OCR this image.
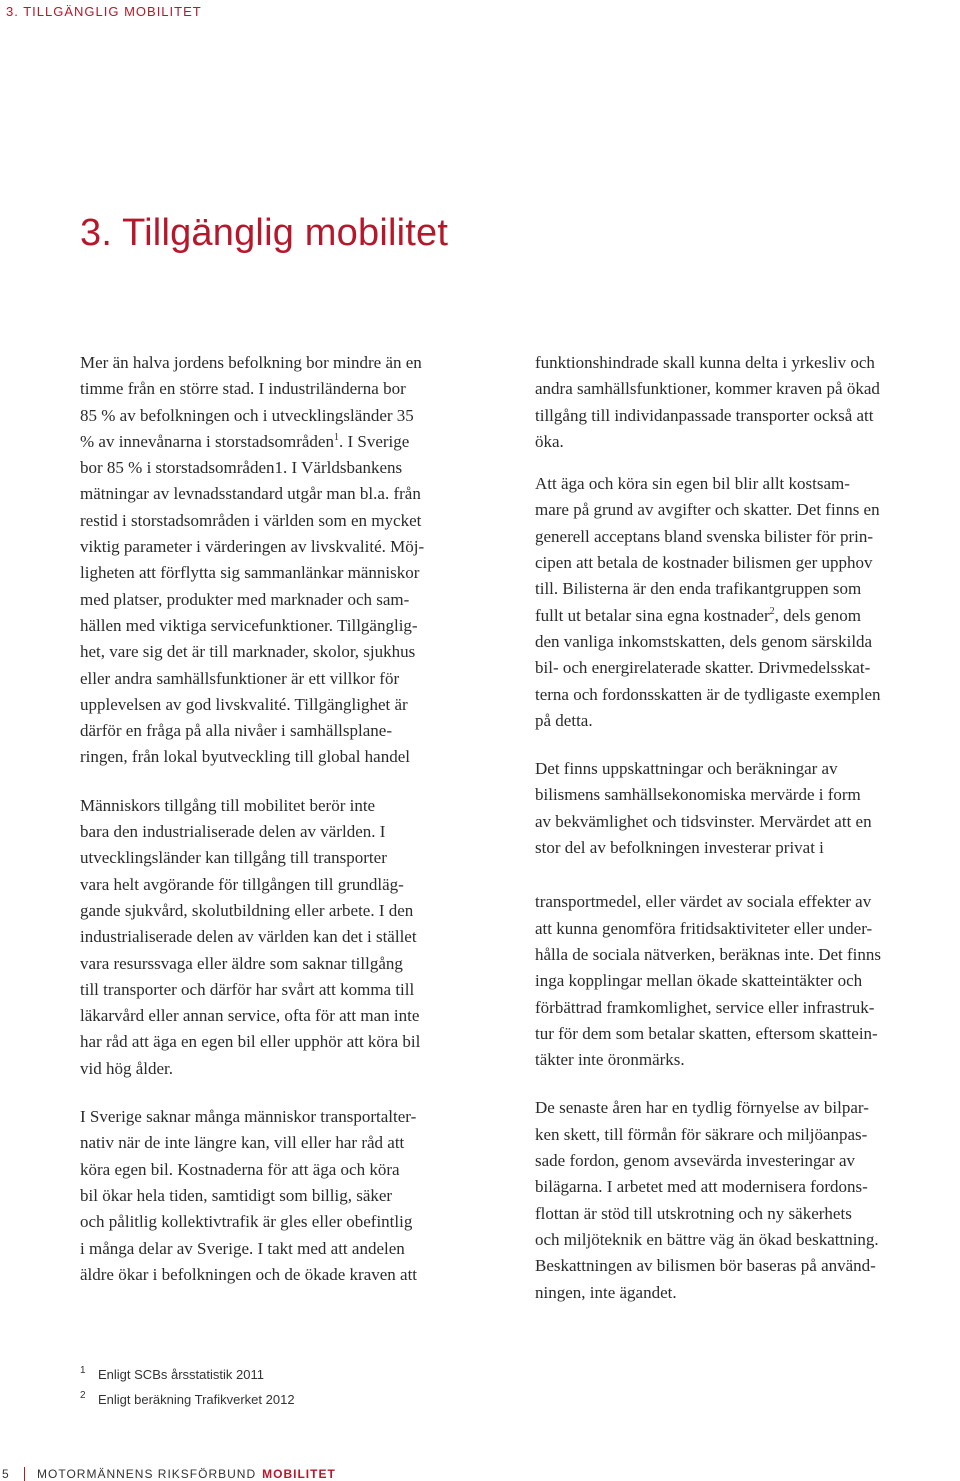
3. TILLGÄNGLIG MOBILITET
3. Tillgänglig mobilitet

Mer än halva jordens befolkning bor mindre än en
timme från en större stad. I industriländerna bor
85 % av befolkningen och i utvecklingsländer 35
% av innevånarna i storstadsområden$^1$. I Sverige
bor 85 % i storstadsområden1. I Världsbankens
mätningar av levnadsstandard utgår man bl.a. från
restid i storstadsområden i världen som en mycket
viktig parameter i värderingen av livskvalité. Möj-
ligheten att förflytta sig sammanlänkar människor
med platser, produkter med marknader och sam-
hällen med viktiga servicefunktioner. Tillgänglig-
het, vare sig det är till marknader, skolor, sjukhus
eller andra samhällsfunktioner är ett villkor för
upplevelsen av god livskvalité. Tillgänglighet är
därför en fråga på alla nivåer i samhällsplane-
ringen, från lokal byutveckling till global handel

Människors tillgång till mobilitet berör inte
bara den industrialiserade delen av världen. I
utvecklingsländer kan tillgång till transporter
vara helt avgörande för tillgången till grundläg-
gande sjukvård, skolutbildning eller arbete. I den
industrialiserade delen av världen kan det i stället
vara resurssvaga eller äldre som saknar tillgång
till transporter och därför har svårt att komma till
läkarvård eller annan service, ofta för att man inte
har råd att äga en egen bil eller upphör att köra bil
vid hög ålder.

I Sverige saknar många människor transportalter-
nativ när de inte längre kan, vill eller har råd att
köra egen bil. Kostnaderna för att äga och köra
bil ökar hela tiden, samtidigt som billig, säker
och pålitlig kollektivtrafik är gles eller obefintlig
i många delar av Sverige. I takt med att andelen
äldre ökar i befolkningen och de ökade kraven att

funktionshindrade skall kunna delta i yrkesliv och
andra samhällsfunktioner, kommer kraven på ökad
tillgång till individanpassade transporter också att
öka.

Att äga och köra sin egen bil blir allt kostsam-
mare på grund av avgifter och skatter. Det finns en
generell acceptans bland svenska bilister för prin-
cipen att betala de kostnader bilismen ger upphov
till. Bilisterna är den enda trafikantgruppen som
fullt ut betalar sina egna kostnader$^2$, dels genom
den vanliga inkomstskatten, dels genom särskilda
bil- och energirelaterade skatter. Drivmedelsskat-
terna och fordonsskatten är de tydligaste exemplen
på detta.

Det finns uppskattningar och beräkningar av
bilismens samhällsekonomiska mervärde i form
av bekvämlighet och tidsvinster. Mervärdet att en
stor del av befolkningen investerar privat i

transportmedel, eller värdet av sociala effekter av
att kunna genomföra fritidsaktiviteter eller under-
hålla de sociala nätverken, beräknas inte. Det finns
inga kopplingar mellan ökade skatteintäkter och
förbättrad framkomlighet, service eller infrastruk-
tur för dem som betalar skatten, eftersom skattein-
täkter inte öronmärks.

De senaste åren har en tydlig förnyelse av bilpar-
ken skett, till förmån för säkrare och miljöanpas-
sade fordon, genom avsevärda investeringar av
bilägarna. I arbetet med att modernisera fordons-
flottan är stöd till utskrotning och ny säkerhets
och miljöteknik en bättre väg än ökad beskattning.
Beskattningen av bilismen bör baseras på använd-
ningen, inte ägandet.

1 Enligt SCBs årsstatistik 2011
2 Enligt beräkning Trafikverket 2012
5	MOTORMÄNNENS RIKSFÖRBUND MOBILITET
